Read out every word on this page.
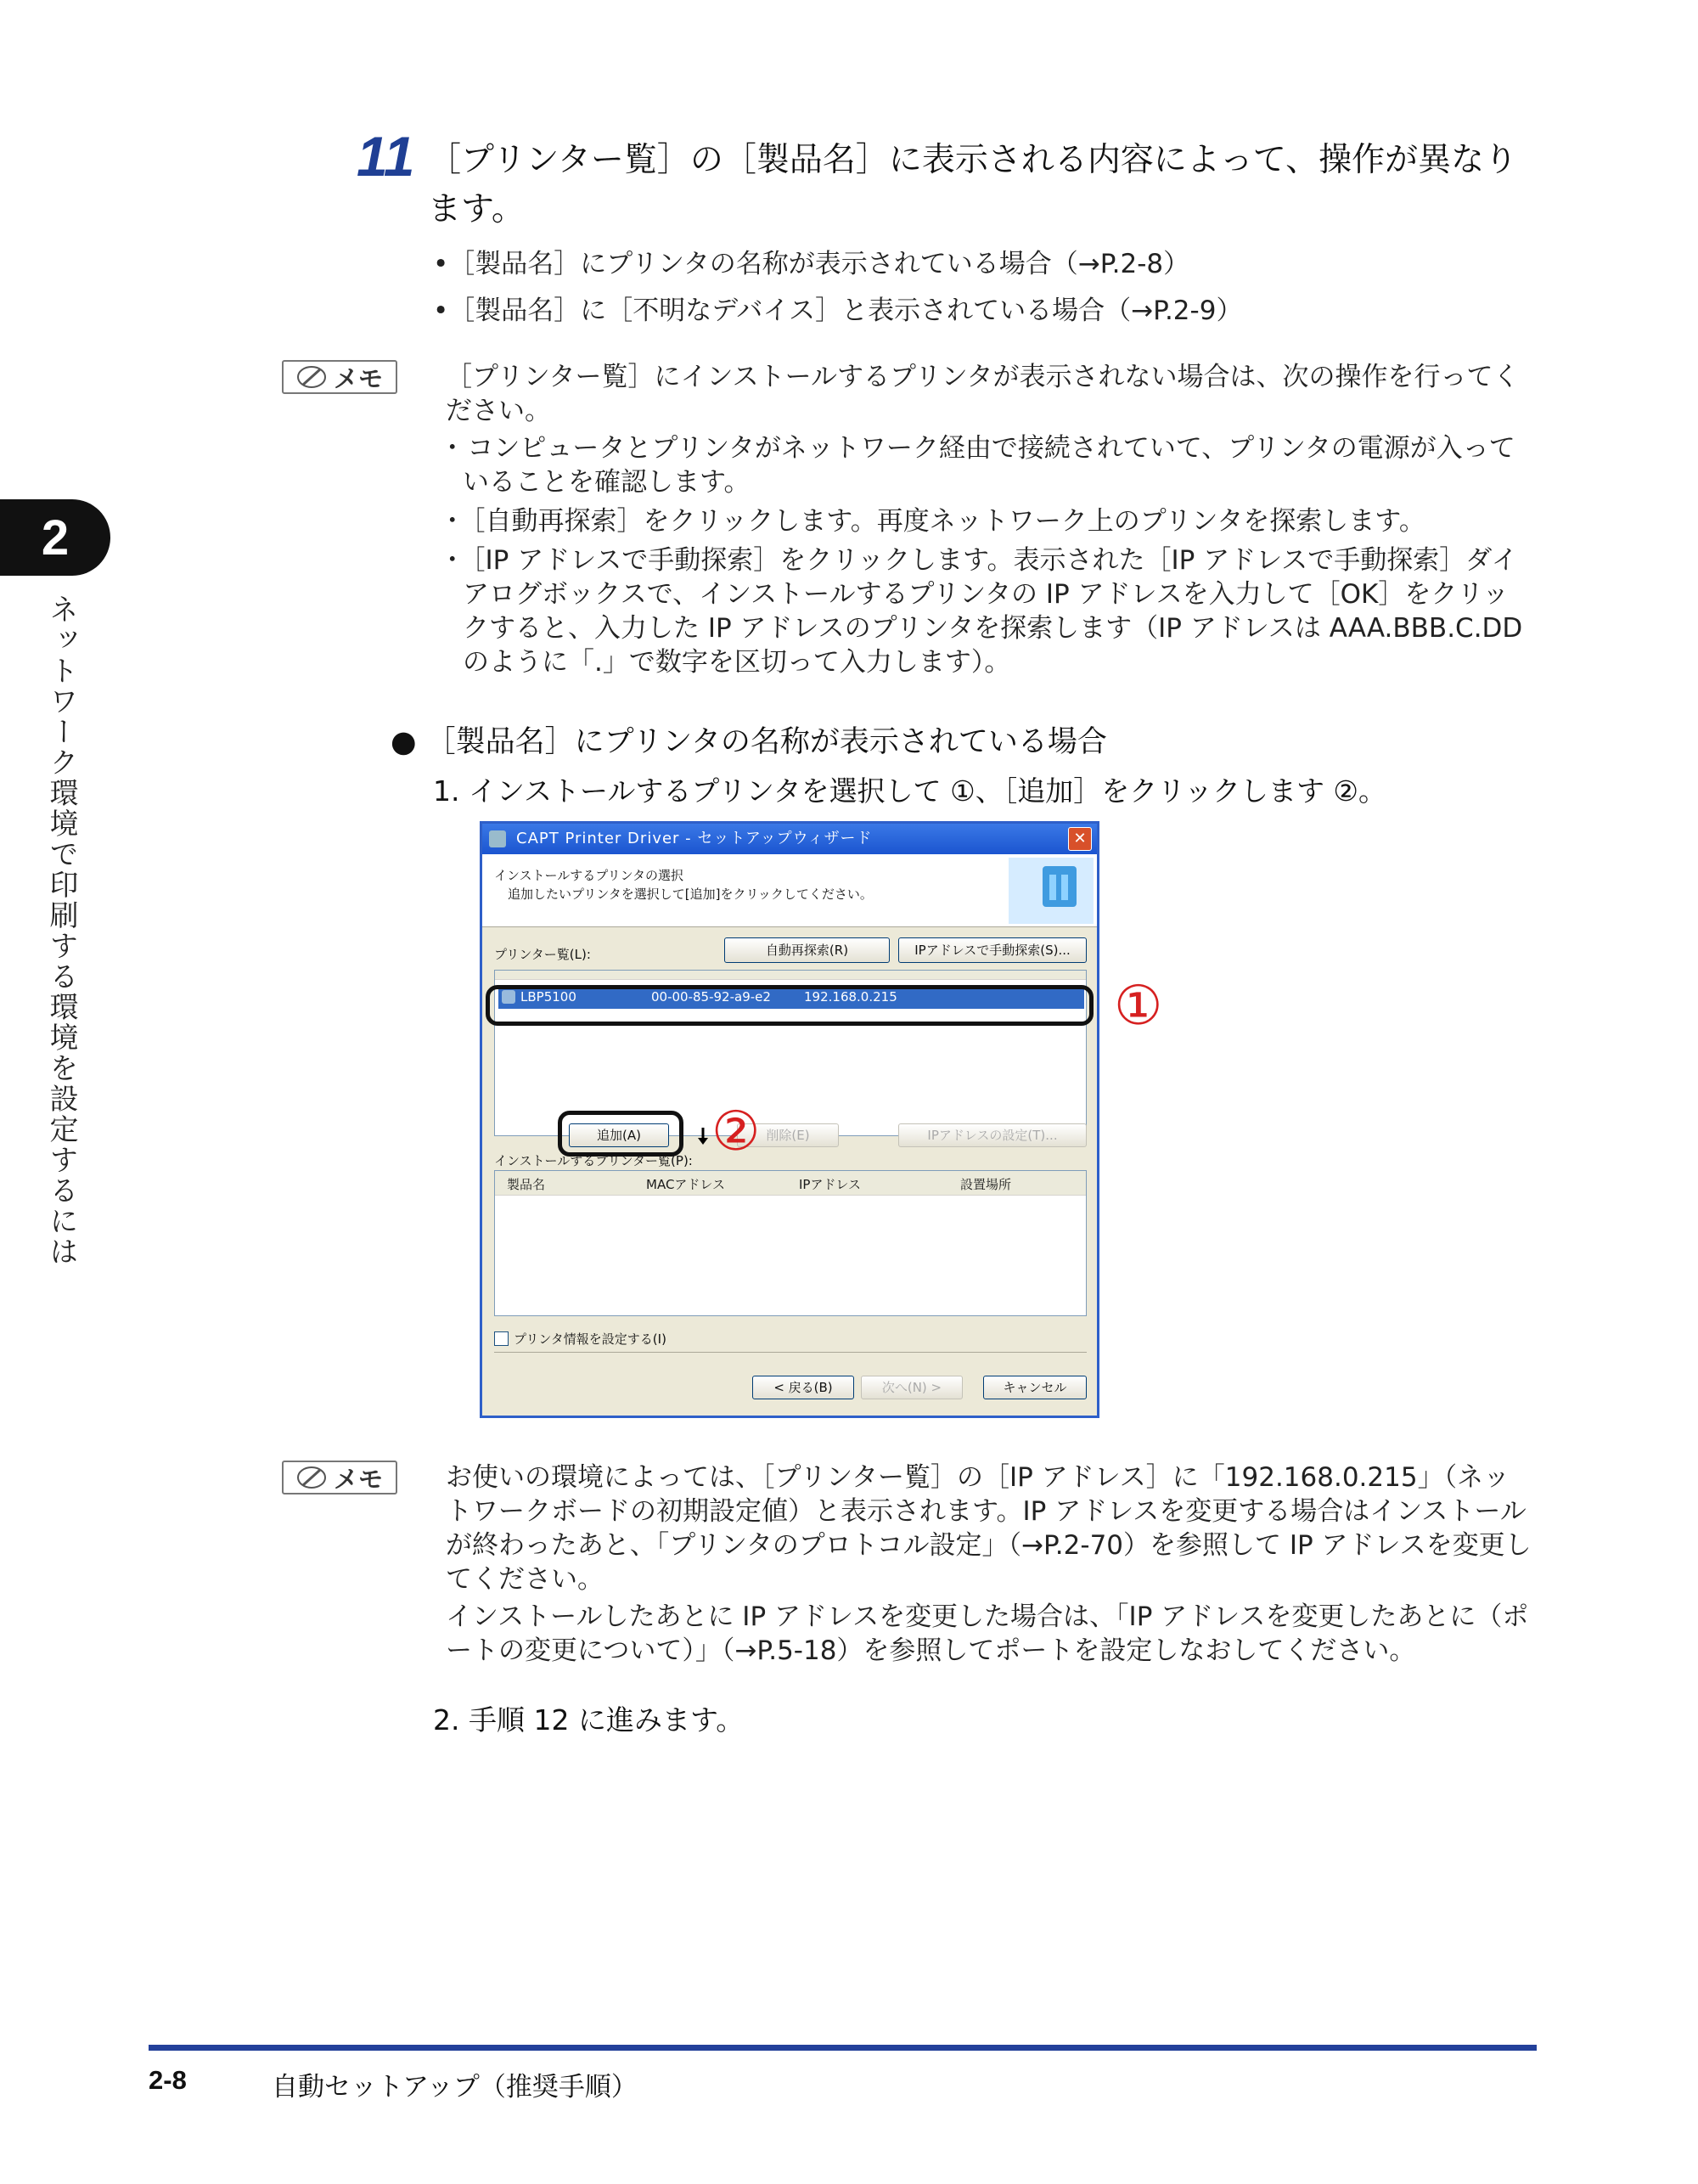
11 ［プリンター覧］の［製品名］に表示される内容によって、操作が異なります。
•［製品名］にプリンタの名称が表示されている場合（→P.2-8）
•［製品名］に［不明なデバイス］と表示されている場合（→P.2-9）
メモ ［プリンター覧］にインストールするプリンタが表示されない場合は、次の操作を行ってください。
･ コンピュータとプリンタがネットワーク経由で接続されていて、プリンタの電源が入っていることを確認します。
･［自動再探索］をクリックします。再度ネットワーク上のプリンタを探索します。
･［IP アドレスで手動探索］をクリックします。表示された［IP アドレスで手動探索］ダイアログボックスで、インストールするプリンタの IP アドレスを入力して［OK］をクリックすると、入力した IP アドレスのプリンタを探索します（IP アドレスは AAA.BBB.C.DD のように「.」で数字を区切って入力します）。
2
ネットワーク環境で印刷する環境を設定するには	● ［製品名］にプリンタの名称が表示されている場合
1. インストールするプリンタを選択して ①、［追加］をクリックします ②。
CAPT Printer Driver - セットアップウィザード	✕
インストールするプリンタの選択
追加したいプリンタを選択して[追加]をクリックしてください。
プリンター覧(L):	自動再探索(R)	IPアドレスで手動探索(S)...
LBP5100	00-00-85-92-a9-e2	192.168.0.215
追加(A)	削除(E)	IPアドレスの設定(T)...
インストールするプリンター覧(P):
製品名	MACアドレス	IPアドレス	設置場所
プリンタ情報を設定する(I)
< 戻る(B)	次へ(N) >	キャンセル
①
②
メモ お使いの環境によっては、［プリンター覧］の［IP アドレス］に「192.168.0.215」（ネットワークボードの初期設定値）と表示されます。IP アドレスを変更する場合はインストールが終わったあと、「プリンタのプロトコル設定」（→P.2-70）を参照して IP アドレスを変更してください。
インストールしたあとに IP アドレスを変更した場合は、「IP アドレスを変更したあとに（ポートの変更について）」（→P.5-18）を参照してポートを設定しなおしてください。
2. 手順 12 に進みます。
2-8	自動セットアップ（推奨手順）
